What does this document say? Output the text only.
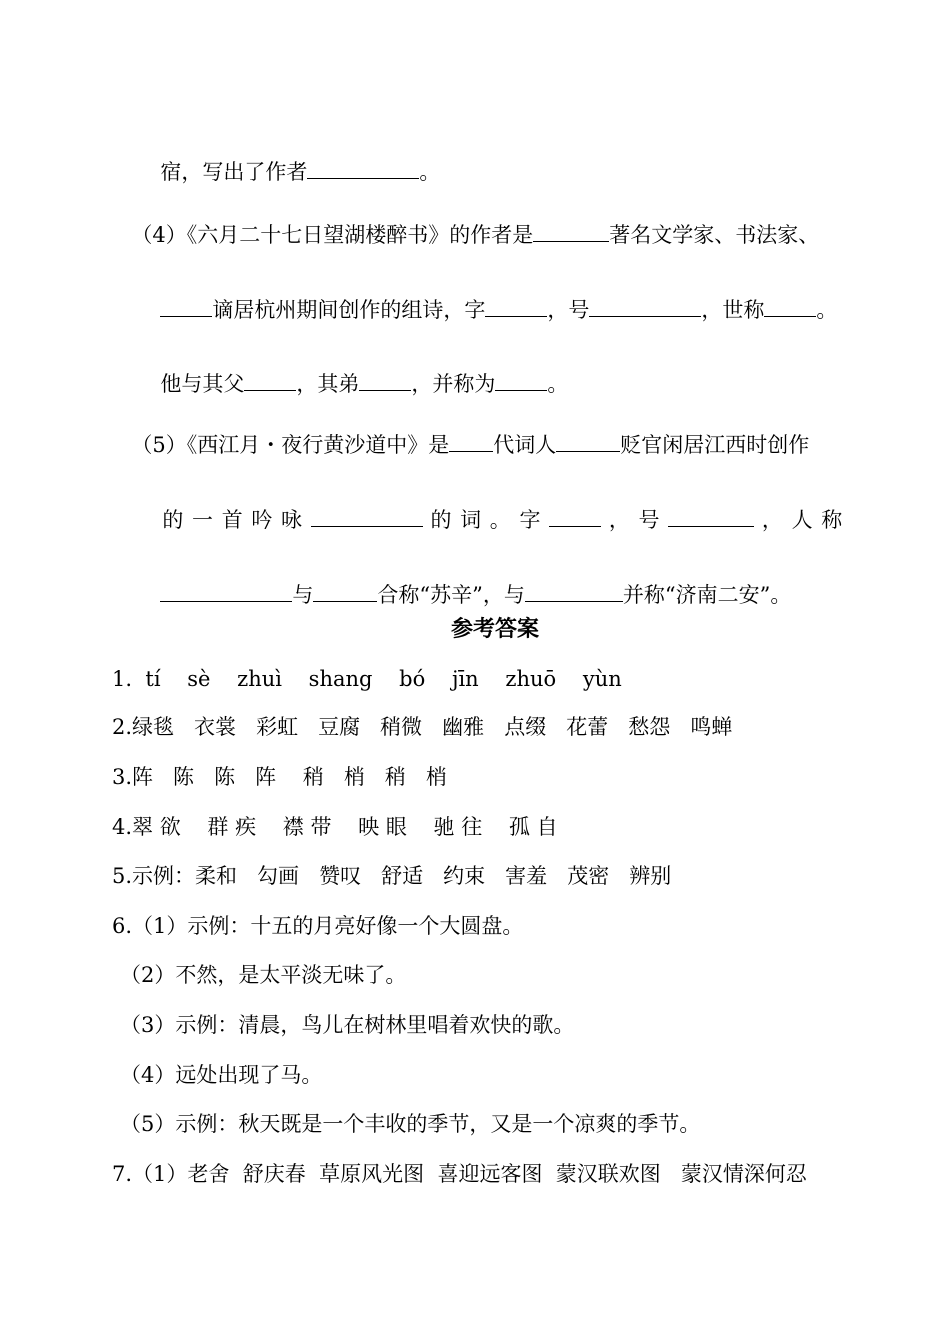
宿，写出了作者	。

（4）《六月二十七日望湖楼醉书》的作者是	著名文学家、书法家、

谪居杭州期间创作的组诗，字	，号	，世称 。

他与其父 ，其弟 ，并称为 。

（5）《西江月・夜行黄沙道中》是 代词人	贬官闲居江西时创作

的 一 首 吟 咏	的 词 。 字	， 号	， 人 称

与	合称“苏辛”，与	并称“济南二安”。

参考答案
1.  tí    sè    zhuì    shang    bó    jīn    zhuō    yùn
2.绿毯   衣裳   彩虹   豆腐   稍微   幽雅   点缀   花蕾   愁怨   鸣蝉
3.阵   陈   陈   阵    稍   梢   稍   梢
4.翠 欲    群 疾    襟 带    映 眼    驰 往    孤 自
5.示例：柔和   勾画   赞叹   舒适   约束   害羞   茂密   辨别
6.（1）示例：十五的月亮好像一个大圆盘。
（2）不然，是太平淡无味了。
（3）示例：清晨，鸟儿在树林里唱着欢快的歌。
（4）远处出现了马。
（5）示例：秋天既是一个丰收的季节，又是一个凉爽的季节。
7.（1）老舍  舒庆春  草原风光图  喜迎远客图  蒙汉联欢图   蒙汉情深何忍
